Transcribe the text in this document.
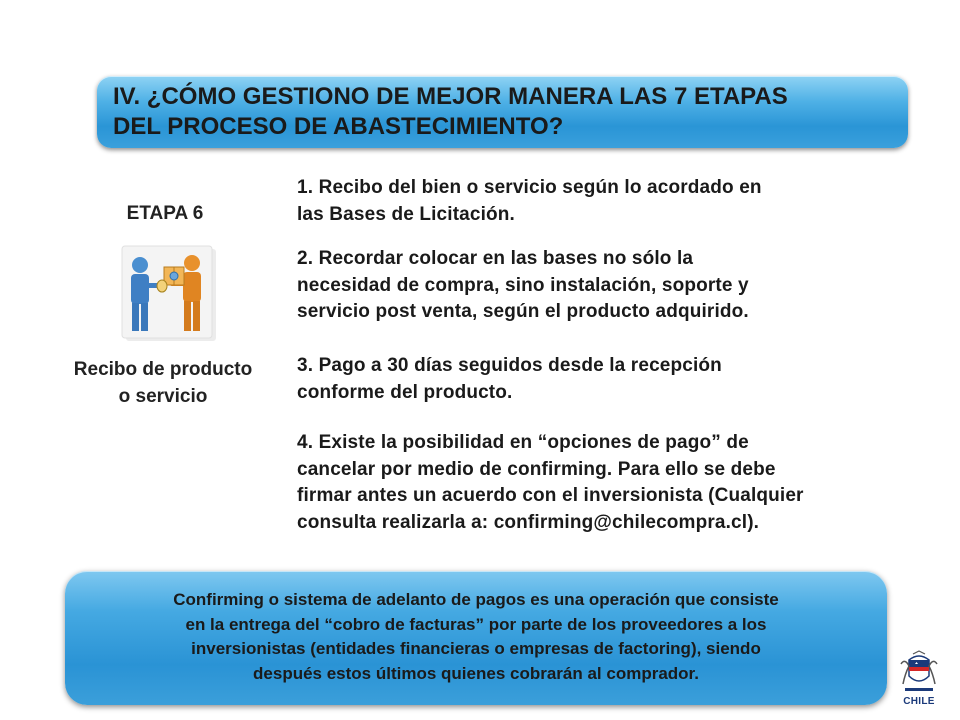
IV. ¿CÓMO GESTIONO DE MEJOR MANERA LAS 7 ETAPAS
DEL PROCESO DE ABASTECIMIENTO?
ETAPA 6
Recibo de producto
o servicio
1. Recibo del bien o servicio según lo acordado en
las Bases de Licitación.
2. Recordar colocar en las bases no sólo la
necesidad de compra, sino instalación, soporte y
servicio post venta, según el producto adquirido.
3. Pago a 30 días seguidos desde la recepción
conforme del producto.
4. Existe la posibilidad en “opciones de pago” de
cancelar por medio de confirming. Para ello se debe
firmar antes un acuerdo con el inversionista (Cualquier
consulta realizarla a: confirming@chilecompra.cl).
Confirming o sistema de adelanto de pagos es una operación que consiste
en la entrega del “cobro de facturas” por parte de los proveedores a los
inversionistas (entidades financieras o empresas de factoring), siendo
después estos últimos quienes cobrarán al comprador.
CHILE
